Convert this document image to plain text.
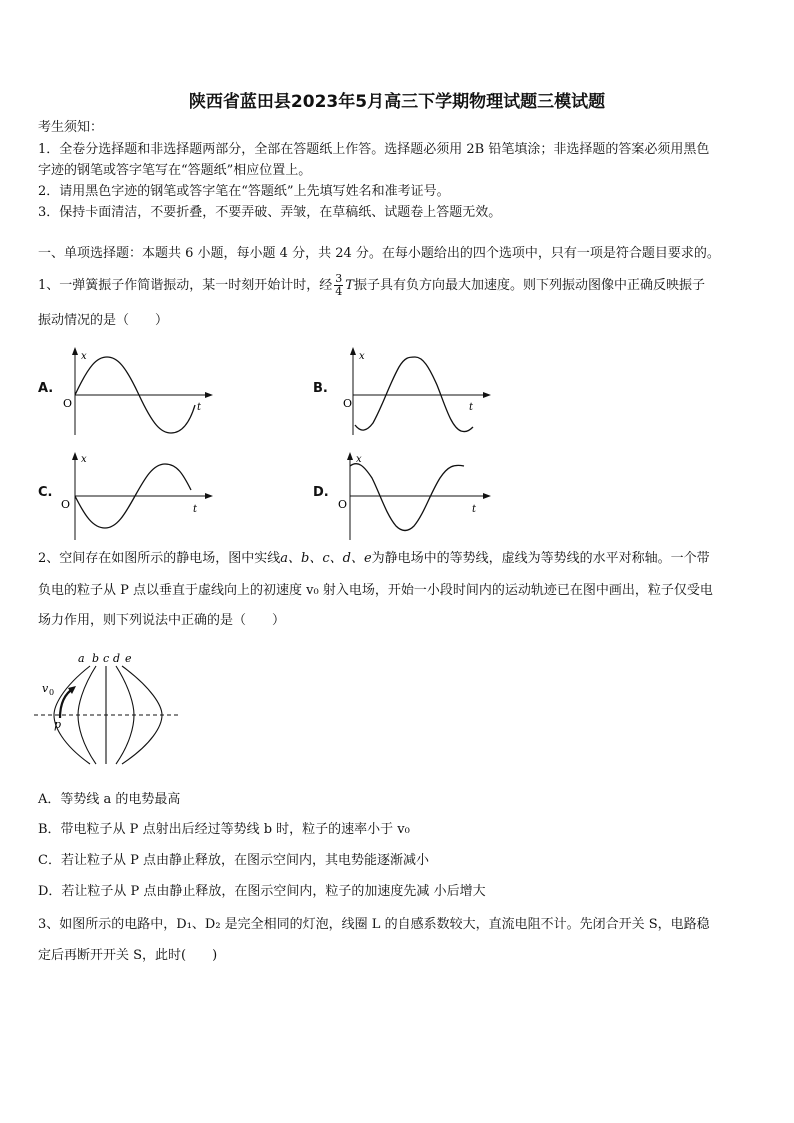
陕西省蓝田县2023年5月高三下学期物理试题三模试题
考生须知：
1．全卷分选择题和非选择题两部分，全部在答题纸上作答。选择题必须用 2B 铅笔填涂；非选择题的答案必须用黑色
字迹的钢笔或答字笔写在“答题纸”相应位置上。
2．请用黑色字迹的钢笔或答字笔在“答题纸”上先填写姓名和准考证号。
3．保持卡面清洁，不要折叠，不要弄破、弄皱，在草稿纸、试题卷上答题无效。
一、单项选择题：本题共 6 小题，每小题 4 分，共 24 分。在每小题给出的四个选项中，只有一项是符合题目要求的。
1、一弹簧振子作简谐振动，某一时刻开始计时，经 $\frac{3}{4}$ T振子具有负方向最大加速度。则下列振动图像中正确反映振子
振动情况的是（　　）
A.	B.
C.	D.
x
t
O
x
t
O
x
t
O
x
t
O
2、空间存在如图所示的静电场，图中实线a、b、c、d、e为静电场中的等势线，虚线为等势线的水平对称轴。一个带
负电的粒子从 P 点以垂直于虚线向上的初速度 v₀ 射入电场，开始一小段时间内的运动轨迹已在图中画出，粒子仅受电
场力作用，则下列说法中正确的是（　　）
a b c d e
v 0
p
A．等势线 a 的电势最高
B．带电粒子从 P 点射出后经过等势线 b 时，粒子的速率小于 v₀
C．若让粒子从 P 点由静止释放，在图示空间内，其电势能逐渐减小
D．若让粒子从 P 点由静止释放，在图示空间内，粒子的加速度先减 小后增大
3、如图所示的电路中，D₁、D₂ 是完全相同的灯泡，线圈 L 的自感系数较大，直流电阻不计。先闭合开关 S，电路稳
定后再断开开关 S，此时(　　)
